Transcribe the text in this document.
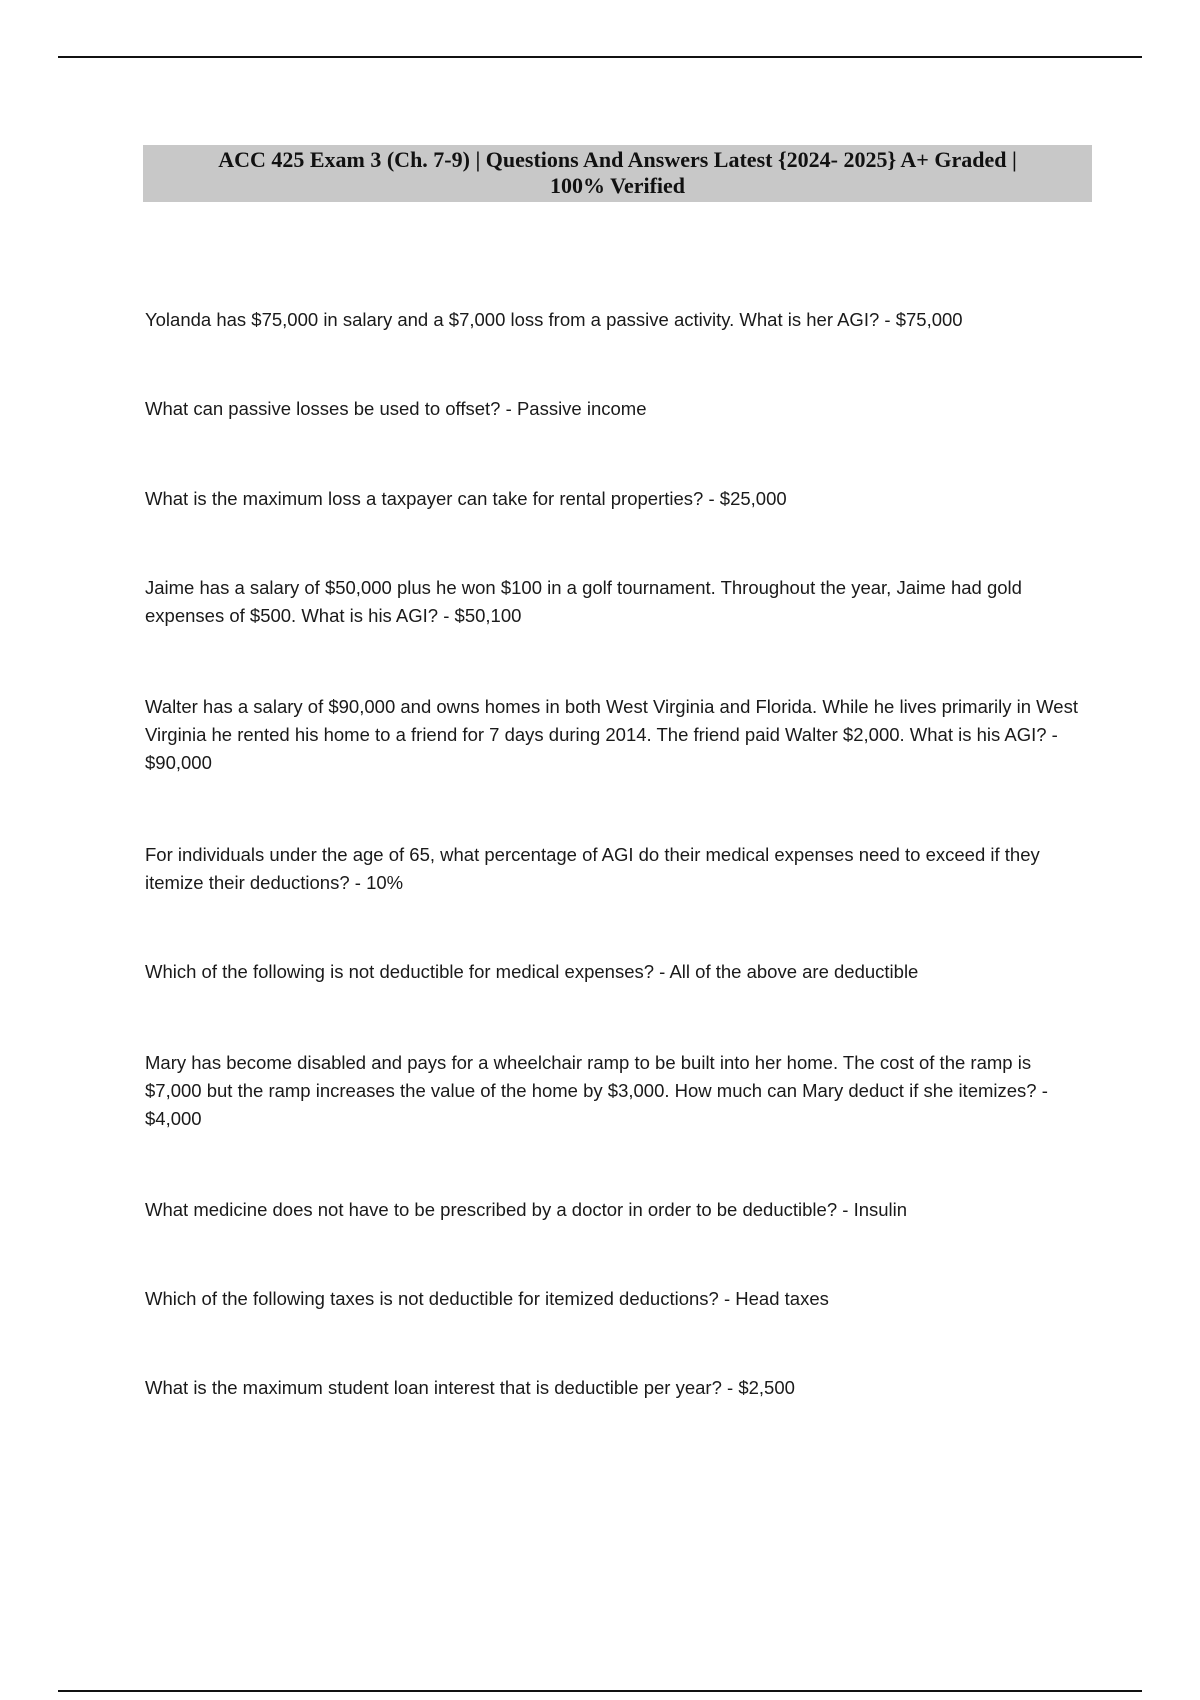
ACC 425 Exam 3 (Ch. 7-9) | Questions And Answers Latest {2024- 2025} A+ Graded |
100% Verified
Yolanda has $75,000 in salary and a $7,000 loss from a passive activity. What is her AGI? - $75,000
What can passive losses be used to offset? - Passive income
What is the maximum loss a taxpayer can take for rental properties? - $25,000
Jaime has a salary of $50,000 plus he won $100 in a golf tournament. Throughout the year, Jaime had gold expenses of $500. What is his AGI? - $50,100
Walter has a salary of $90,000 and owns homes in both West Virginia and Florida. While he lives primarily in West Virginia he rented his home to a friend for 7 days during 2014. The friend paid Walter $2,000. What is his AGI? - $90,000
For individuals under the age of 65, what percentage of AGI do their medical expenses need to exceed if they itemize their deductions? - 10%
Which of the following is not deductible for medical expenses? - All of the above are deductible
Mary has become disabled and pays for a wheelchair ramp to be built into her home. The cost of the ramp is $7,000 but the ramp increases the value of the home by $3,000. How much can Mary deduct if she itemizes? - $4,000
What medicine does not have to be prescribed by a doctor in order to be deductible? - Insulin
Which of the following taxes is not deductible for itemized deductions? - Head taxes
What is the maximum student loan interest that is deductible per year? - $2,500
